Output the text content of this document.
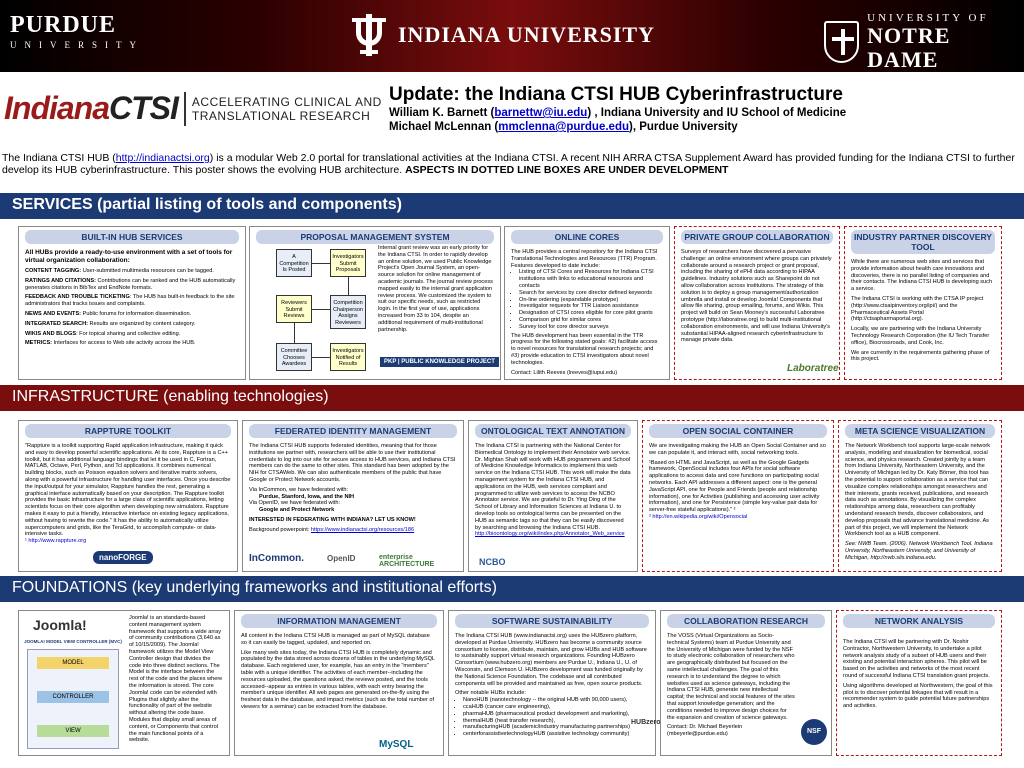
PURDUE
UNIVERSITY	INDIANA UNIVERSITY
UNIVERSITY OF
NOTRE DAME
Indiana CTSI ACCELERATING CLINICAL AND
TRANSLATIONAL RESEARCH
Update: the Indiana CTSI HUB Cyberinfrastructure
William K. Barnett (barnettw@iu.edu) , Indiana University and IU School of Medicine
Michael McLennan (mmclenna@purdue.edu), Purdue University
The Indiana CTSI HUB (http://indianactsi.org) is a modular Web 2.0 portal for translational activities at the Indiana CTSI. A recent NIH ARRA CTSA Supplement Award has provided funding for the Indiana CTSI to further develop its HUB cyberinfrastructure. This poster shows the evolving HUB architecture. ASPECTS IN DOTTED LINE BOXES ARE UNDER DEVELOPMENT
SERVICES (partial listing of tools and components)
INFRASTRUCTURE (enabling technologies)
FOUNDATIONS (key underlying frameworks and institutional efforts)
BUILT-IN HUB SERVICES

All HUBs provide a ready-to-use environment with a set of tools for virtual organization collaboration:

CONTENT TAGGING: User-submitted multimedia resources can be tagged.

RATINGS AND CITATIONS: Contributions can be ranked and the HUB automatically generates citations in BibTex and EndNote formats.

FEEDBACK AND TROUBLE TICKETING: The HUB has built-in feedback to the site administrators that tracks issues and complaints.

NEWS AND EVENTS: Public forums for information dissemination.

INTEGRATED SEARCH: Results are organized by content category.

WIKIS AND BLOGS: For topical sharing and collective editing.

METRICS: Interfaces for access to Web site activity across the HUB.

PROPOSAL MANAGEMENT SYSTEM
A Competition Is Posted
Investigators Submit Proposals
Reviewers Submit Reviews
Competition Chairperson Assigns Reviewers
Committee Chooses Awardees
Investigators Notified of Results
Internal grant review was an early priority for the Indiana CTSI. In order to rapidly develop an online solution, we used Public Knowledge Project's Open Journal System, an open-source solution for online management of academic journals. The journal review process mapped easily to the internal grant application review process. We customized the system to suit our specific needs, such as restricted login. In the first year of use, applications increased from 33 to 104, despite an additional requirement of multi-institutional partnership.
PKP | PUBLIC KNOWLEDGE PROJECT
ONLINE CORES

The HUB provides a central repository for the Indiana CTSI Translational Technologies and Resources (TTR) Program. Features developed to date include:

• Listing of CTSI Cores and Resources for Indiana CTSI institutions with links to educational resources and contacts
• Search for services by core director defined keywords
• On-line ordering (expandable prototype)
• Investigator requests for TTR Liaison assistance
• Designation of CTSI cores eligible for core pilot grants
• Comparison grid for similar cores
• Survey tool for core director surveys

The HUB development has been essential in the TTR progress for the following stated goals: #2) facilitate access to novel resources for translational research projects; and #3) provide education to CTSI investigators about novel technologies.

Contact: Lilith Reeves (lreeves@iupui.edu)

PRIVATE GROUP COLLABORATION
Surveys of researchers have discovered a pervasive challenge: an online environment where groups can privately collaborate around a research project or grant proposal, including the sharing of ePHI data according to HIPAA guidelines. Industry solutions such as Sharepoint do not allow collaboration across institutions. The strategy of this solution is to deploy a group management/authorization umbrella and install or develop Joomla! Components that allow file sharing, group emailing, forums, and Wikis. This project will build on Sean Mooney's successful Laboratree prototype (http://laboratree.org) to build multi-institutional collaboration environments, and will use Indiana University's substantial HIPAA-aligned research cyberinfrastructure to manage private data.
Laboratree
INDUSTRY PARTNER DISCOVERY TOOL

While there are numerous web sites and services that provide information about health care innovations and discoveries, there is no parallel listing of companies and their contacts. The Indiana CTSI HUB is developing such a service.

The Indiana CTSI is working with the CTSA IP project (http://www.ctsaipinventory.org/ipi/) and the Pharmaceutical Assets Portal (http://ctsapharmaportal.org).

Locally, we are partnering with the Indiana University Technology Research Corporation (the IU Tech Transfer office), Biocrossroads, and Cook, Inc.

We are currently in the requirements gathering phase of this project.

RAPPTURE TOOLKIT

"Rappture is a toolkit supporting Rapid application infrastructure, making it quick and easy to develop powerful scientific applications. At its core, Rappture is a C++ toolkit, but it has additional language bindings that let it be used in C, Fortran, MATLAB, Octave, Perl, Python, and Tcl applications. It combines numerical building blocks, such as Poisson equation solvers and iterative matrix solvers, along with a powerful infrastructure for handling user interfaces. Once you describe the input/output for your simulator, Rappture handles the rest, generating a graphical interface automatically based on your description. The Rappture toolkit provides the basic infrastructure for a large class of scientific applications, letting scientists focus on their core algorithm when developing new simulators. Rappture makes it easy to put a friendly, interactive interface on existing legacy applications, without having to rewrite the code." It has the ability to automatically utilize supercomputers and grids, like the TeraGrid, to accomplish compute- or data-intensive tasks.

¹ http://www.rappture.org

nanoFORGE
FEDERATED IDENTITY MANAGEMENT

The Indiana CTSI HUB supports federated identities, meaning that for those institutions we partner with, researchers will be able to use their institutional credentials to log into our site for secure access to HUB services, and Indiana CTSI members can do the same to other sites. This standard has been adopted by the NIH for CTSAWeb. We can also authenticate members of the public that have Google or Protect Network accounts.

Via InCommon, we have federated with:

Purdue, Stanford, Iowa, and the NIH

Via OpenID, we have federated with:

Google and Protect Network

INTERESTED IN FEDERATING WITH INDIANA? LET US KNOW!

Background powerpoint: https://www.indianactsi.org/resources/186

InCommon.	OpenID	enterprise ARCHITECTURE
ONTOLOGICAL TEXT ANNOTATION

The Indiana CTSI is partnering with the National Center for Biomedical Ontology to implement their Annotator web service. Dr. Mightan Shah will work with HUB programmers and School of Medicine Knowledge Informatics to implement this web service on the Indiana CTSI HUB. This work will make the data management system for the Indiana CTSI HUB, and applications on the HUB, web services compliant and programmed to utilize web services to access the NCBO Annotator service. We are grateful to Dr. Ying Ding of the School of Library and Information Sciences at Indiana U. to develop tools so ontological terms can be presented on the HUB as semantic tags so that they can be easily discovered by searching and browsing the Indiana CTSI HUB.

http://bioontology.org/wiki/index.php/Annotator_Web_service
NCBO
OPEN SOCIAL CONTAINER

We are investigating making the HUB an Open Social Container and so we can populate it, and interact with, social networking tools.

¹Based on HTML and JavaScript, as well as the Google Gadgets framework, OpenSocial includes four APIs for social software applications to access data and core functions on participating social networks. Each API addresses a different aspect: one is the general JavaScript API, one for People and Friends (people and relationship information), one for Activities (publishing and accessing user activity information), and one for Persistence (simple key-value pair data for server-free stateful applications)." ²

² http://en.wikipedia.org/wiki/Opensocial

META SCIENCE VISUALIZATION

The Network Workbench tool supports large-scale network analysis, modeling and visualization for biomedical, social science, and physics research. Created jointly by a team from Indiana University, Northeastern University, and the University of Michigan led by Dr. Katy Börner, this tool has the potential to support collaboration as a service that can visualize complex relationships amongst researchers and their interests, grants received, publications, and research data such as annotations. By visualizing the complex relationships among data, researchers can profitably understand research trends, discover collaborators, and develop proposals that advance translational medicine. As part of this project, we will implement the Network Workbench tool as a HUB component.

See: NWB Team. (2006). Network Workbench Tool. Indiana University, Northeastern University, and University of Michigan, http://nwb.slis.indiana.edu.

Joomla!
JOOMLA! MODEL VIEW CONTROLLER (MVC)
MODEL
CONTROLLER
VIEW
Joomla! is an standards-based content management system framework that supports a wide array of community contributions (3,640 as of 10/15/2009). The Joomla! framework utilizes the Model View Controller design that divides the code into three distinct sections. The Model is the interface between the rest of the code and the places where the information is stored. The core Joomla! code can be extended with Plugins that slightly alter the functionality of part of the website without altering the code base. Modules that display small areas of content, or Components that control the main functional points of a website.
INFORMATION MANAGEMENT

All content in the Indiana CTSI HUB is managed as part of MySQL database so it can easily be tagged, updated, and reported on.

Like many web sites today, the Indiana CTSI HUB is completely dynamic and populated by the data stored across dozens of tables in the underlying MySQL database. Each registered user, for example, has an entry in the "members" table with a unique identifier. The activities of each member--including the resources uploaded, the questions asked, the reviews posted, and the tools accessed--appear as entries in various tables, with each entry bearing the member's unique identifier. All web pages are generated on-the-fly using the freshest data in the database, and impact metrics (such as the total number of viewers for a seminar) can be extracted from the database.

MySQL
SOFTWARE SUSTAINABILITY

The Indiana CTSI HUB (www.indianactsi.org) uses the HUBzero platform, developed at Purdue University. HUBzero has become a community source consortium to license, distribute, maintain, and grow HUBs and HUB software to sustainably support virtual research organizations. Founding HUBzero Consortium (www.hubzero.org) members are Purdue U., Indiana U., U. of Wisconsin, and Clemson U. HUBzero development was funded originally by the National Science Foundation. The codebase and all contributed components will be provided and maintained as free, open source products.

Other notable HUBs include:

• NanoHUB (nanotechnology -- the original HUB with 90,000 users),
• ccaHUB (cancer care engineering),
• pharmaHUB (pharmaceutical product development and marketing),
• thermalHUB (heat transfer research),
• manufacturingHUB (academic/industry manufacturing partnerships)
• centerforassistivetechnologyHUB (assistive technology community)
HUBzero
COLLABORATION RESEARCH

The VOSS (Virtual Organizations as Socio-technical Systems) team at Purdue University and the University of Michigan were funded by the NSF to study electronic collaboration of researchers who are geographically distributed but focused on the same intellectual challenges. The goal of this research is to understand the degree to which websites used as science gateways, including the Indiana CTSI HUB, generate new intellectual capital; the technical and social features of the sites that support knowledge generation; and the conditions needed to improve design choices for the expansion and creation of science gateways.

Contact: Dr. Michael Beyerlein (mbeyerle@purdue.edu)	NSF
NETWORK ANALYSIS

The Indiana CTSI will be partnering with Dr. Noshir Contractor, Northwestern University, to undertake a pilot network analysis study of a subset of HUB users and their existing and potential interaction spheres. This pilot will be based on the activities and networks of the most recent round of successful Indiana CTSI translation grant projects.

Using algorithms developed at Northwestern, the goal of this pilot is to discover potential linkages that will result in a recommender system to guide potential future partnerships and activities.
